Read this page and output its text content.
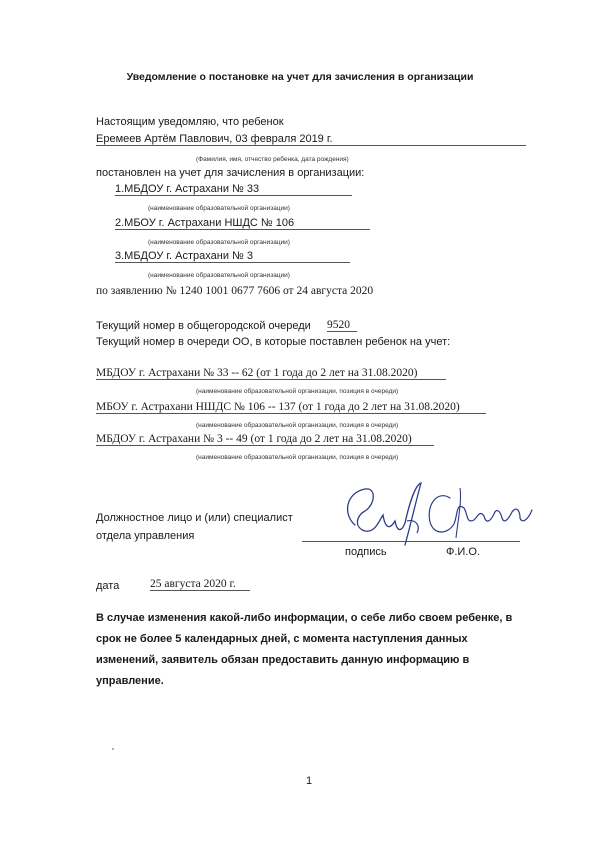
Уведомление о постановке на учет для зачисления в организации
Настоящим уведомляю, что ребенок
Еремеев Артём Павлович, 03 февраля 2019 г.
(Фамилия, имя, отчество ребенка, дата рождения)
постановлен на учет для зачисления в организации:
1.МБДОУ г. Астрахани № 33
(наименование образовательной организации)
2.МБОУ г. Астрахани НШДС № 106
(наименование образовательной организации)
3.МБДОУ г. Астрахани № 3
(наименование образовательной организации)
по заявлению № 1240 1001 0677 7606 от 24 августа 2020
Текущий номер в общегородской очереди 9520
Текущий номер в очереди ОО, в которые поставлен ребенок на учет:
МБДОУ г. Астрахани № 33 -- 62 (от 1 года до 2 лет на 31.08.2020)
(наименование образовательной организации, позиция в очереди)
МБОУ г. Астрахани НШДС № 106 -- 137 (от 1 года до 2 лет на 31.08.2020)
(наименование образовательной организации, позиция в очереди)
МБДОУ г. Астрахани № 3 -- 49 (от 1 года до 2 лет на 31.08.2020)
(наименование образовательной организации, позиция в очереди)
Должностное лицо и (или) специалист
отдела управления
подпись	Ф.И.О.
дата	25 августа 2020 г.
В случае изменения какой-либо информации, о себе либо своем ребенке, в срок не более 5 календарных дней, с момента наступления данных изменений, заявитель обязан предоставить данную информацию в управление.
1
